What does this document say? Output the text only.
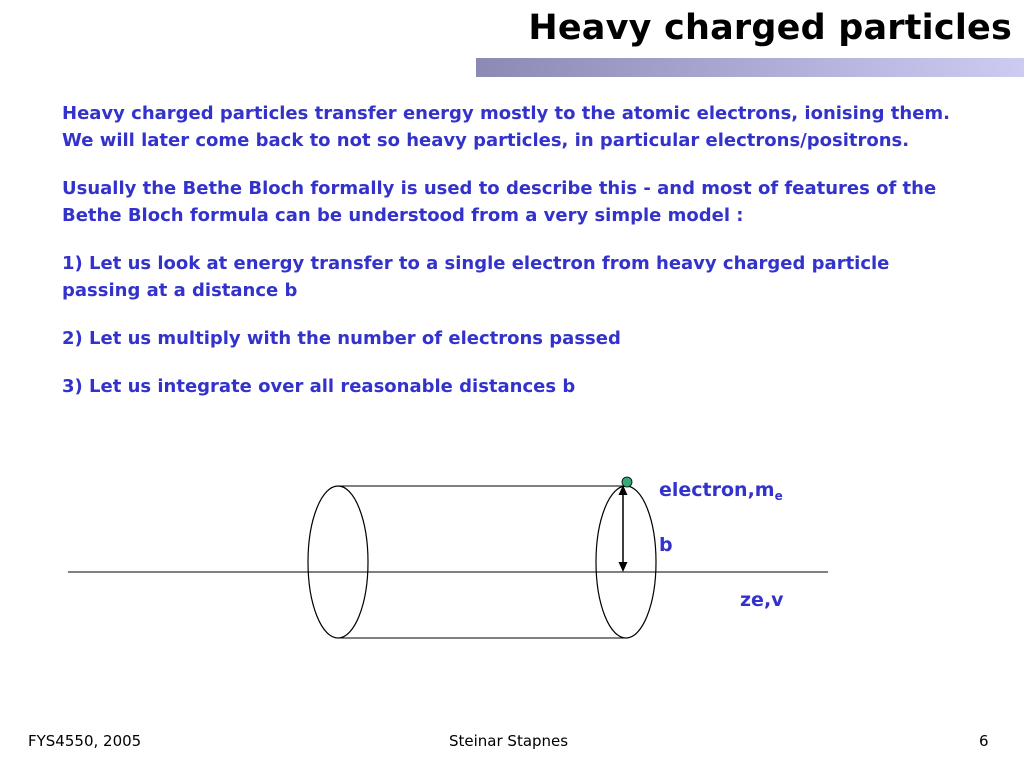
Heavy charged particles

Heavy charged particles transfer energy mostly to the atomic electrons, ionising them. We will later come back to not so heavy particles, in particular electrons/positrons.

Usually the Bethe Bloch formally is used to describe this - and most of features of the Bethe Bloch formula can be understood from a very simple model :

1) Let us look at energy transfer to a single electron from heavy charged particle passing at a distance b

2) Let us multiply with the number of electrons passed

3) Let us integrate over all reasonable distances b

$electron,m_e$
b
ze,v
FYS4550, 2005	Steinar Stapnes	6
